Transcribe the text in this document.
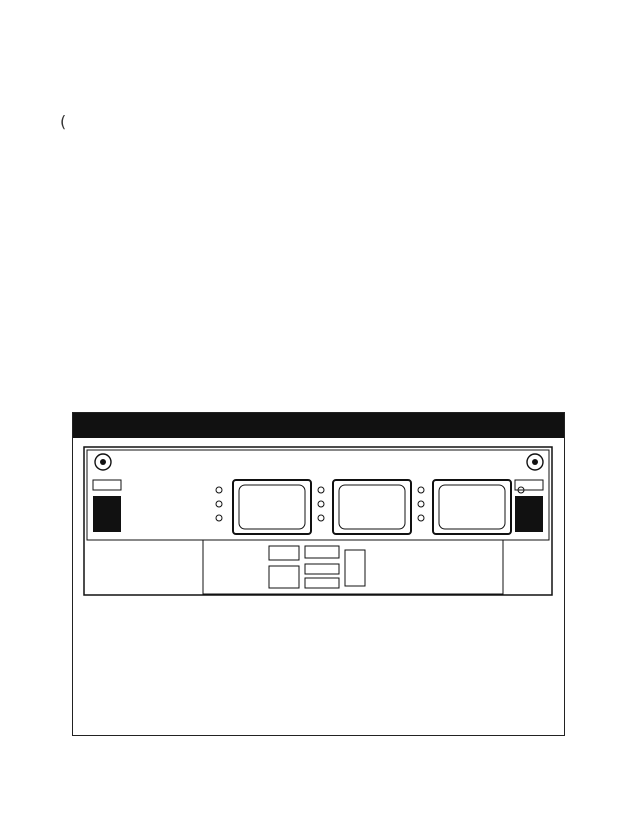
(
